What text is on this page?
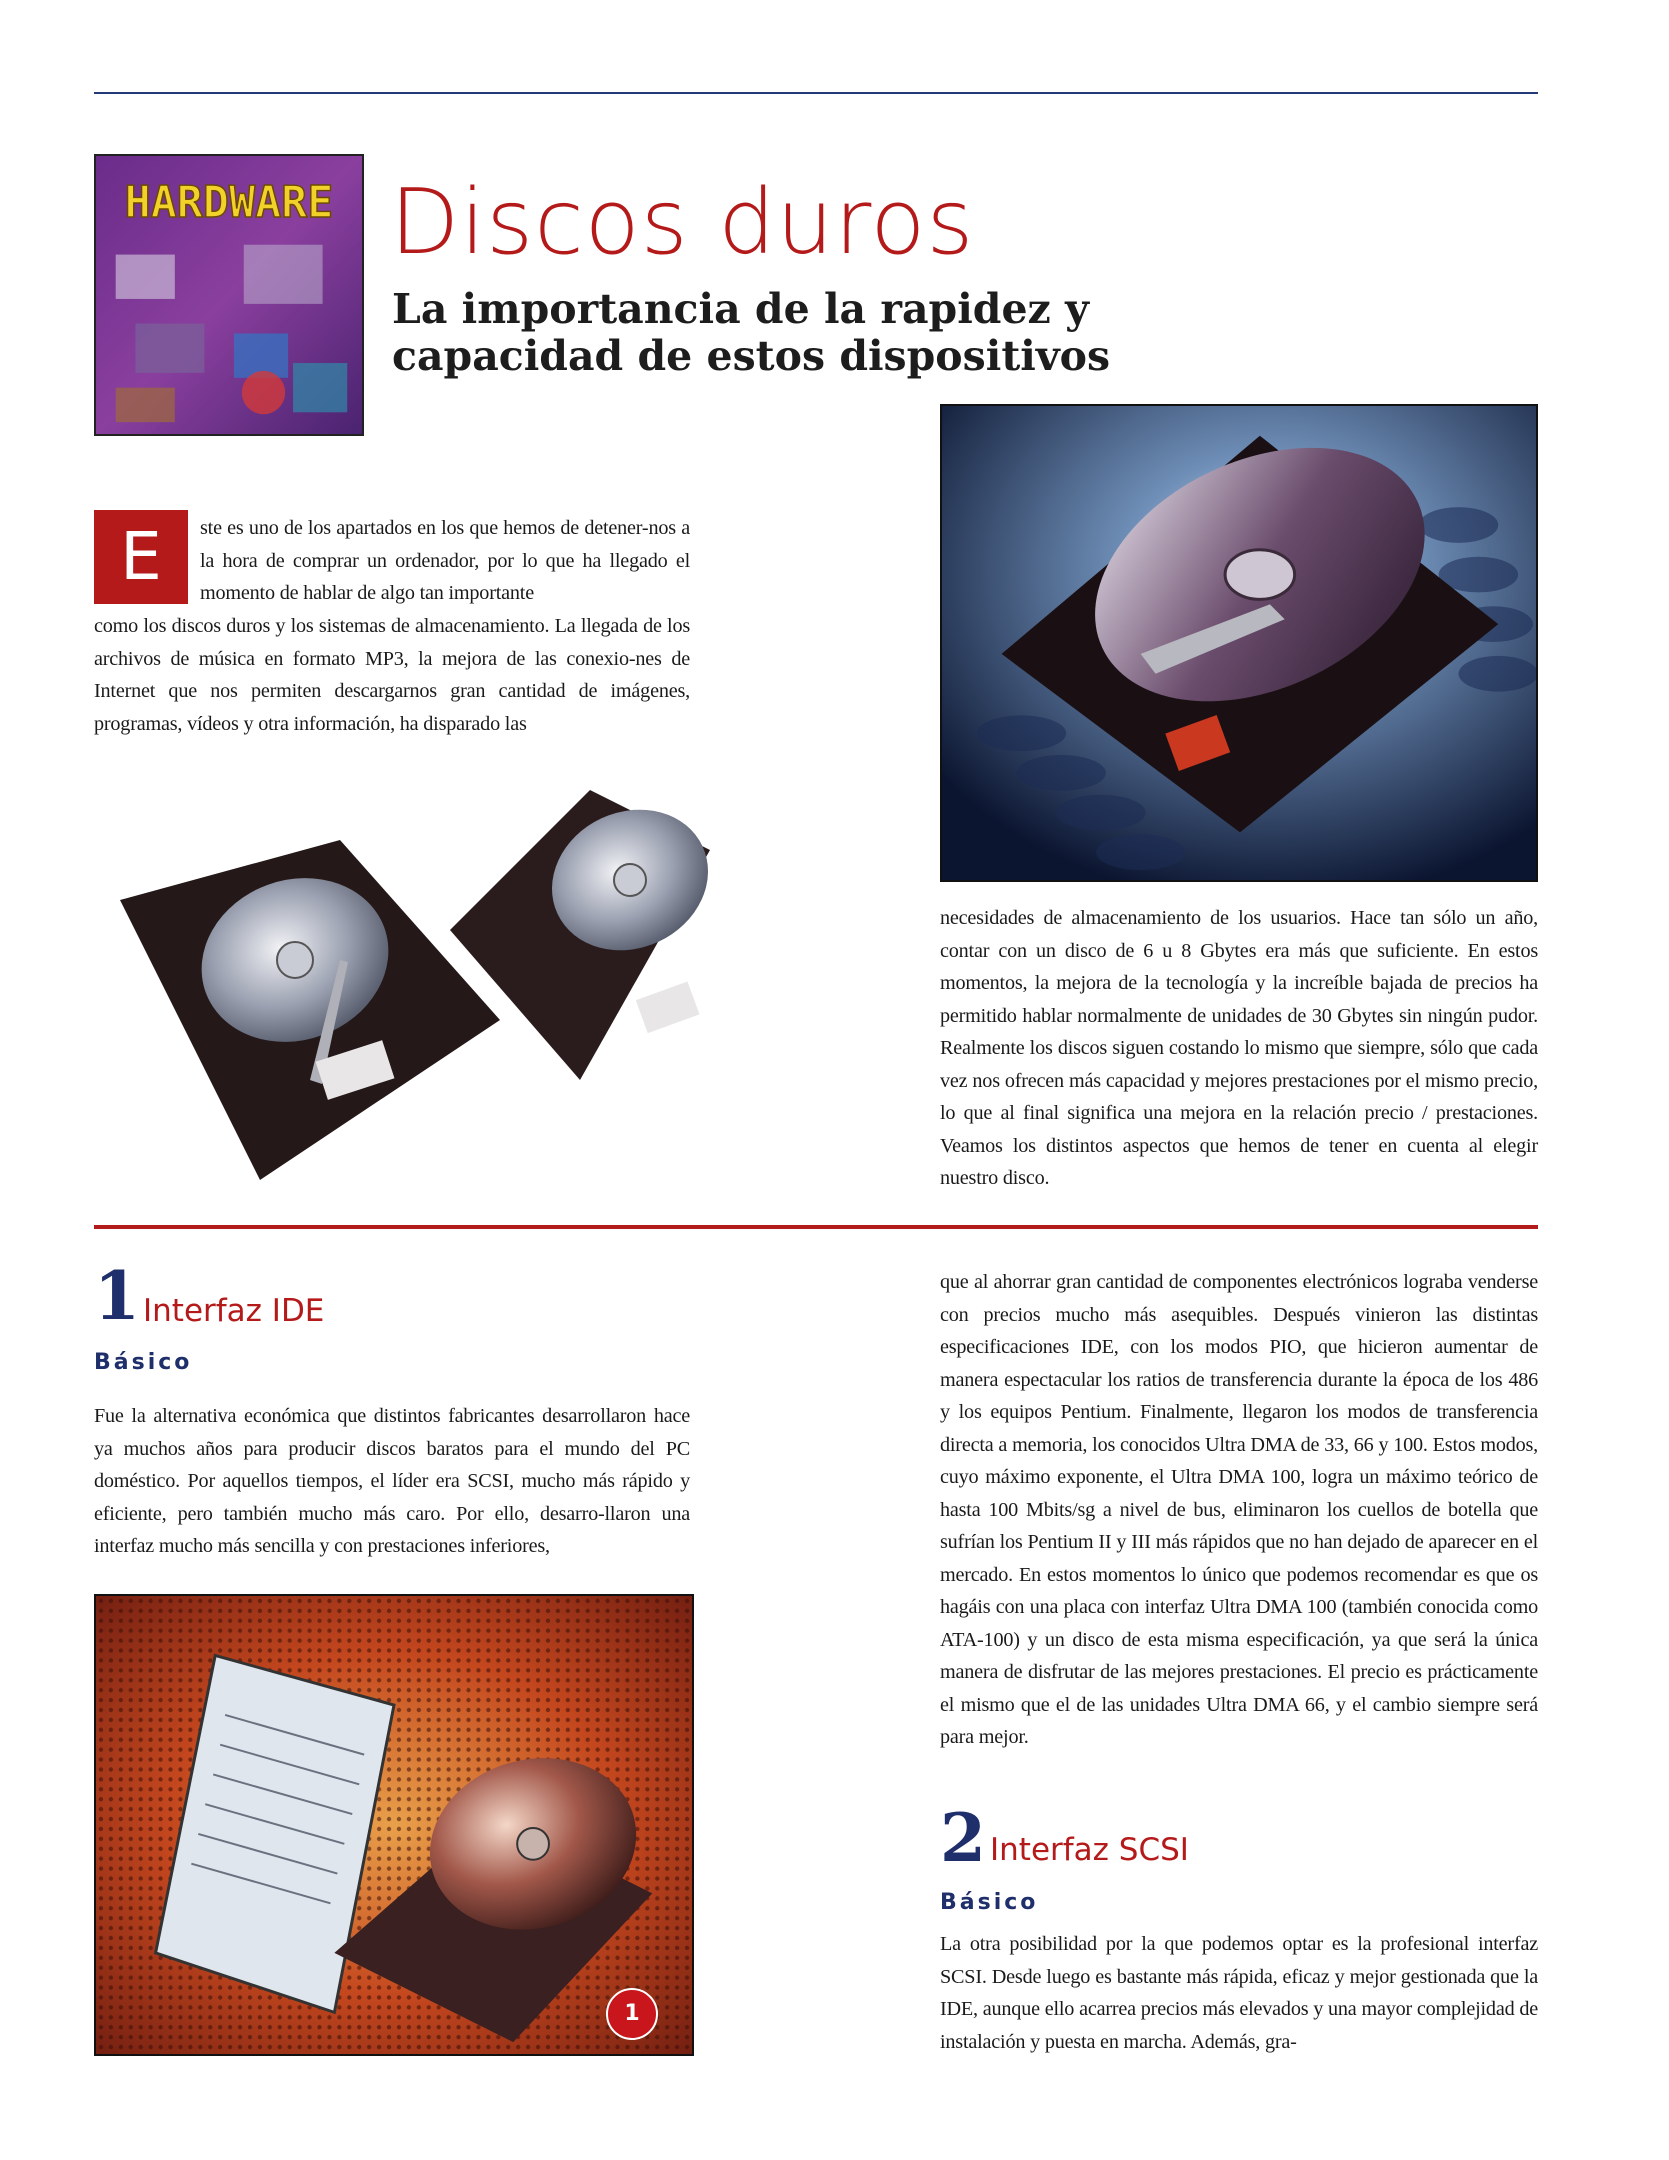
HARDWARE Discos duros
La importancia de la rapidez y capacidad de estos dispositivos
E	ste es uno de los apartados en los que hemos de detener-nos a la hora de comprar un ordenador, por lo que ha llegado el momento de hablar de algo tan importante
como los discos duros y los sistemas de almacenamiento. La llegada de los archivos de música en formato MP3, la mejora de las conexio-nes de Internet que nos permiten descargarnos gran cantidad de imágenes, programas, vídeos y otra información, ha disparado las
necesidades de almacenamiento de los usuarios. Hace tan sólo un año, contar con un disco de 6 u 8 Gbytes era más que suficiente. En estos momentos, la mejora de la tecnología y la increíble bajada de precios ha permitido hablar normalmente de unidades de 30 Gbytes sin ningún pudor. Realmente los discos siguen costando lo mismo que siempre, sólo que cada vez nos ofrecen más capacidad y mejores prestaciones por el mismo precio, lo que al final significa una mejora en la relación precio / prestaciones. Veamos los distintos aspectos que hemos de tener en cuenta al elegir nuestro disco.
1 Interfaz IDE
Básico
Fue la alternativa económica que distintos fabricantes desarrollaron hace ya muchos años para producir discos baratos para el mundo del PC doméstico. Por aquellos tiempos, el líder era SCSI, mucho más rápido y eficiente, pero también mucho más caro. Por ello, desarro-llaron una interfaz mucho más sencilla y con prestaciones inferiores,
1
que al ahorrar gran cantidad de componentes electrónicos lograba venderse con precios mucho más asequibles. Después vinieron las distintas especificaciones IDE, con los modos PIO, que hicieron aumentar de manera espectacular los ratios de transferencia durante la época de los 486 y los equipos Pentium. Finalmente, llegaron los modos de transferencia directa a memoria, los conocidos Ultra DMA de 33, 66 y 100. Estos modos, cuyo máximo exponente, el Ultra DMA 100, logra un máximo teórico de hasta 100 Mbits/sg a nivel de bus, eliminaron los cuellos de botella que sufrían los Pentium II y III más rápidos que no han dejado de aparecer en el mercado. En estos momentos lo único que podemos recomendar es que os hagáis con una placa con interfaz Ultra DMA 100 (también conocida como ATA-100) y un disco de esta misma especificación, ya que será la única manera de disfrutar de las mejores prestaciones. El precio es prácticamente el mismo que el de las unidades Ultra DMA 66, y el cambio siempre será para mejor.
2 Interfaz SCSI
Básico
La otra posibilidad por la que podemos optar es la profesional interfaz SCSI. Desde luego es bastante más rápida, eficaz y mejor gestionada que la IDE, aunque ello acarrea precios más elevados y una mayor complejidad de instalación y puesta en marcha. Además, gra-
